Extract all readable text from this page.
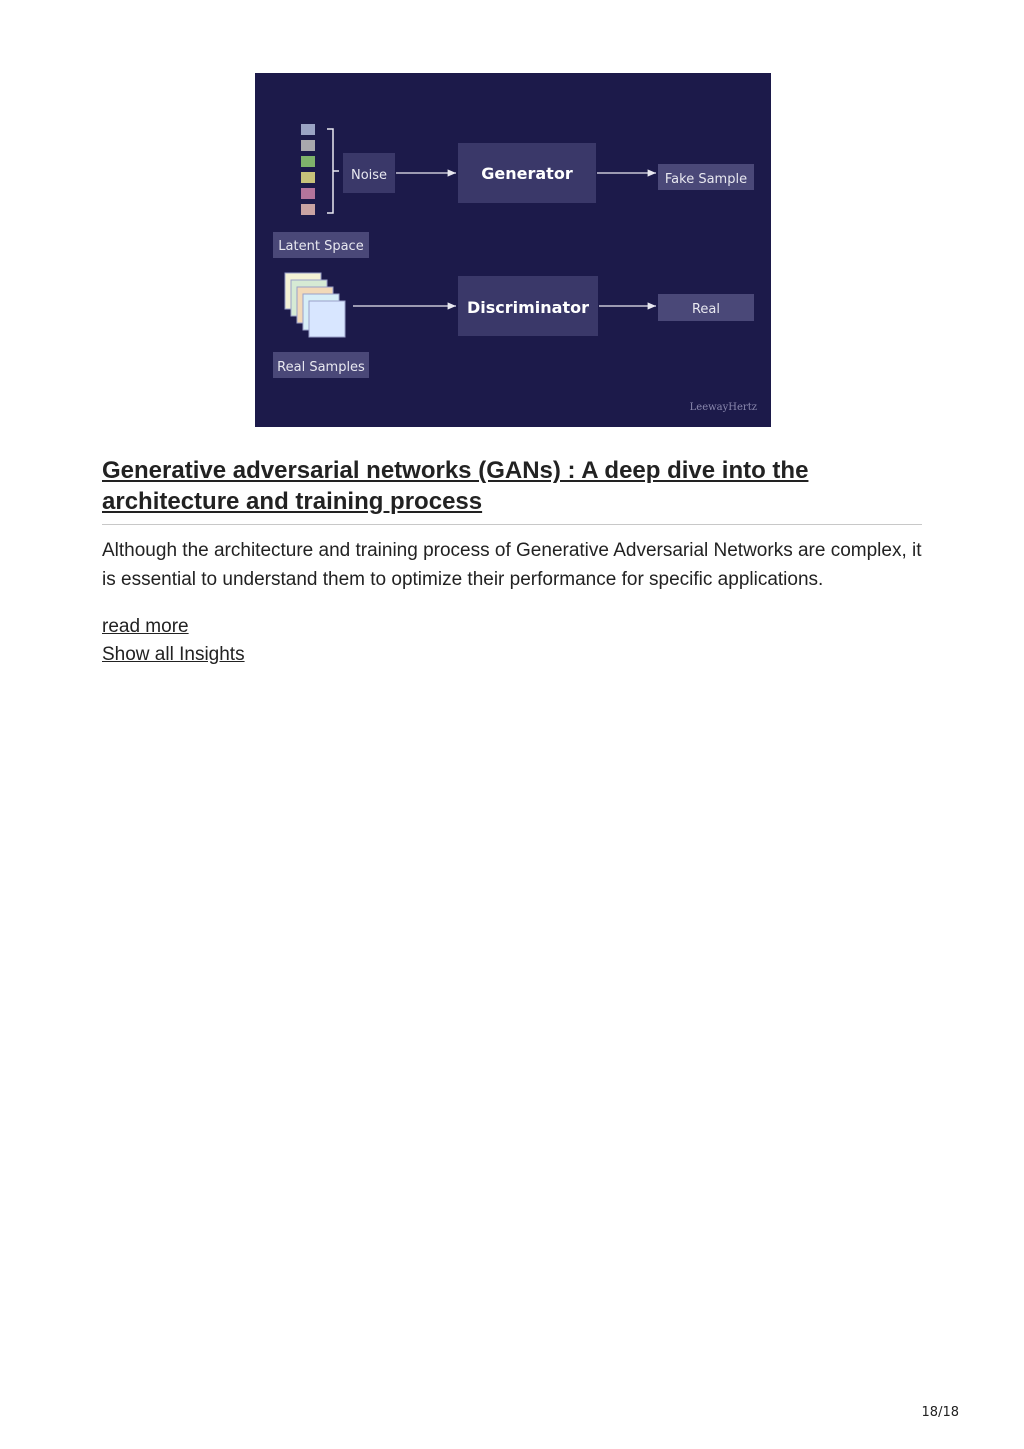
Noise	Generator	Fake Sample
Latent Space
Discriminator	Real
Real Samples
LeewayHertz
Generative adversarial networks (GANs) : A deep dive into the architecture and training process

Although the architecture and training process of Generative Adversarial Networks are complex, it is essential to understand them to optimize their performance for specific applications.

read more
Show all Insights
18/18
